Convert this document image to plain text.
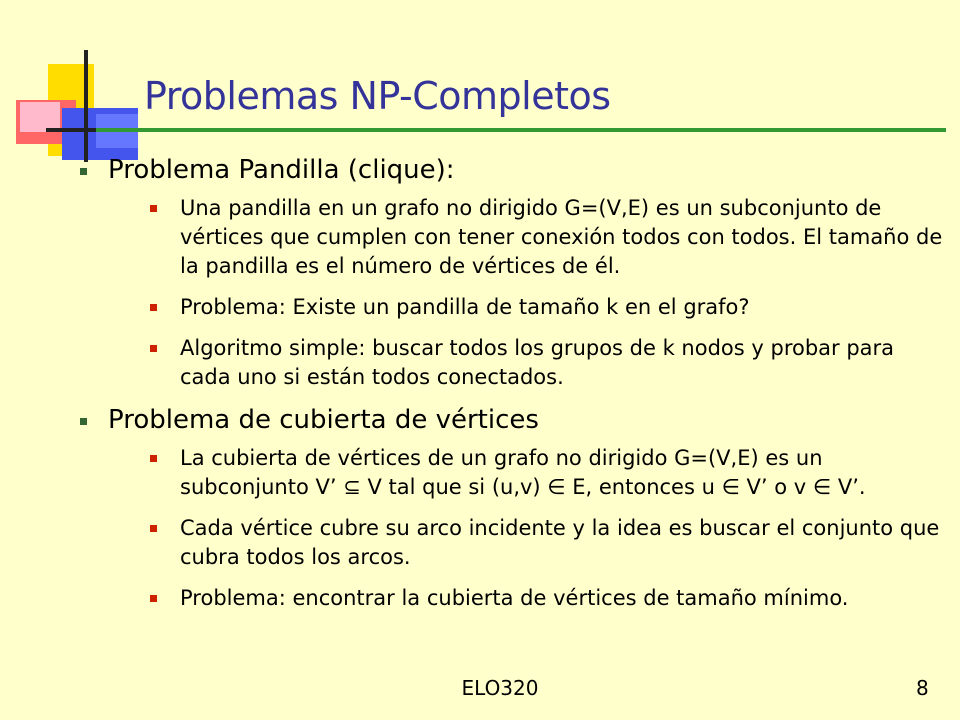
Problemas NP-Completos
Problema Pandilla (clique):
Una pandilla en un grafo no dirigido G=(V,E) es un subconjunto de vértices que cumplen con tener conexión todos con todos. El tamaño de la pandilla es el número de vértices de él.
Problema: Existe un pandilla de tamaño k en el grafo?
Algoritmo simple: buscar todos los grupos de k nodos y probar para cada uno si están todos conectados.
Problema de cubierta de vértices
La cubierta de vértices de un grafo no dirigido G=(V,E) es un subconjunto V’ ⊆ V tal que si (u,v) ∈ E, entonces u ∈ V’ o v ∈ V’.
Cada vértice cubre su arco incidente y la idea es buscar el conjunto que cubra todos los arcos.
Problema: encontrar la cubierta de vértices de tamaño mínimo.
ELO320	8
